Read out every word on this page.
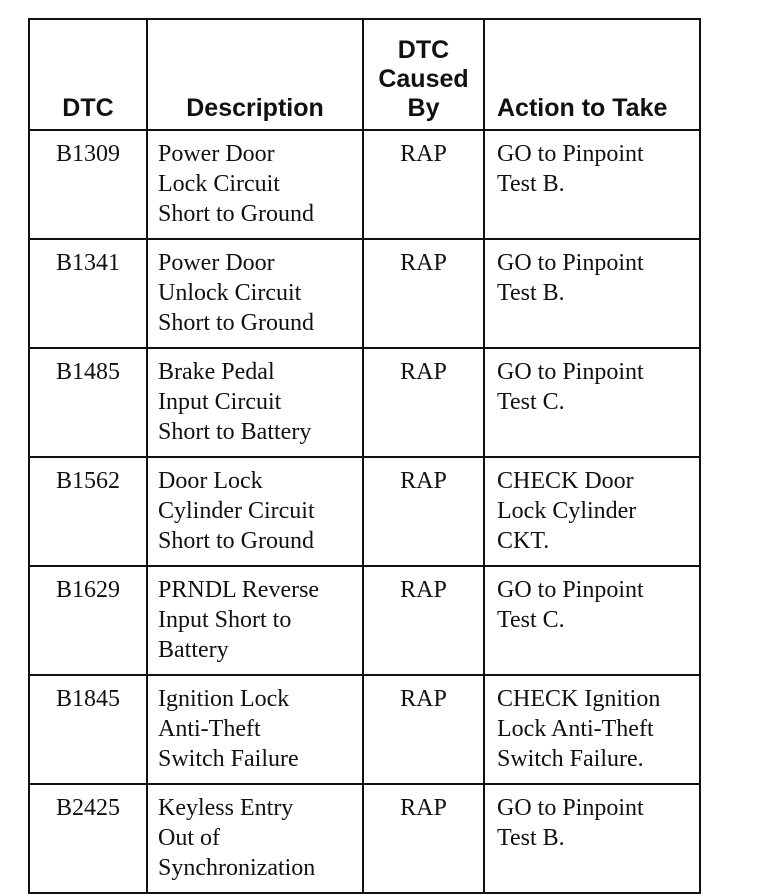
DTC	Description	DTC
Caused
By	Action to Take
B1309	Power Door
Lock Circuit
Short to Ground	RAP	GO to Pinpoint
Test B.

B1341	Power Door
Unlock Circuit
Short to Ground	RAP	GO to Pinpoint
Test B.

B1485	Brake Pedal
Input Circuit
Short to Battery	RAP	GO to Pinpoint
Test C.

B1562	Door Lock
Cylinder Circuit
Short to Ground	RAP	CHECK Door
Lock Cylinder
CKT.

B1629	PRNDL Reverse
Input Short to
Battery	RAP	GO to Pinpoint
Test C.

B1845	Ignition Lock
Anti-Theft
Switch Failure	RAP	CHECK Ignition
Lock Anti-Theft
Switch Failure.

B2425	Keyless Entry
Out of
Synchronization	RAP	GO to Pinpoint
Test B.
